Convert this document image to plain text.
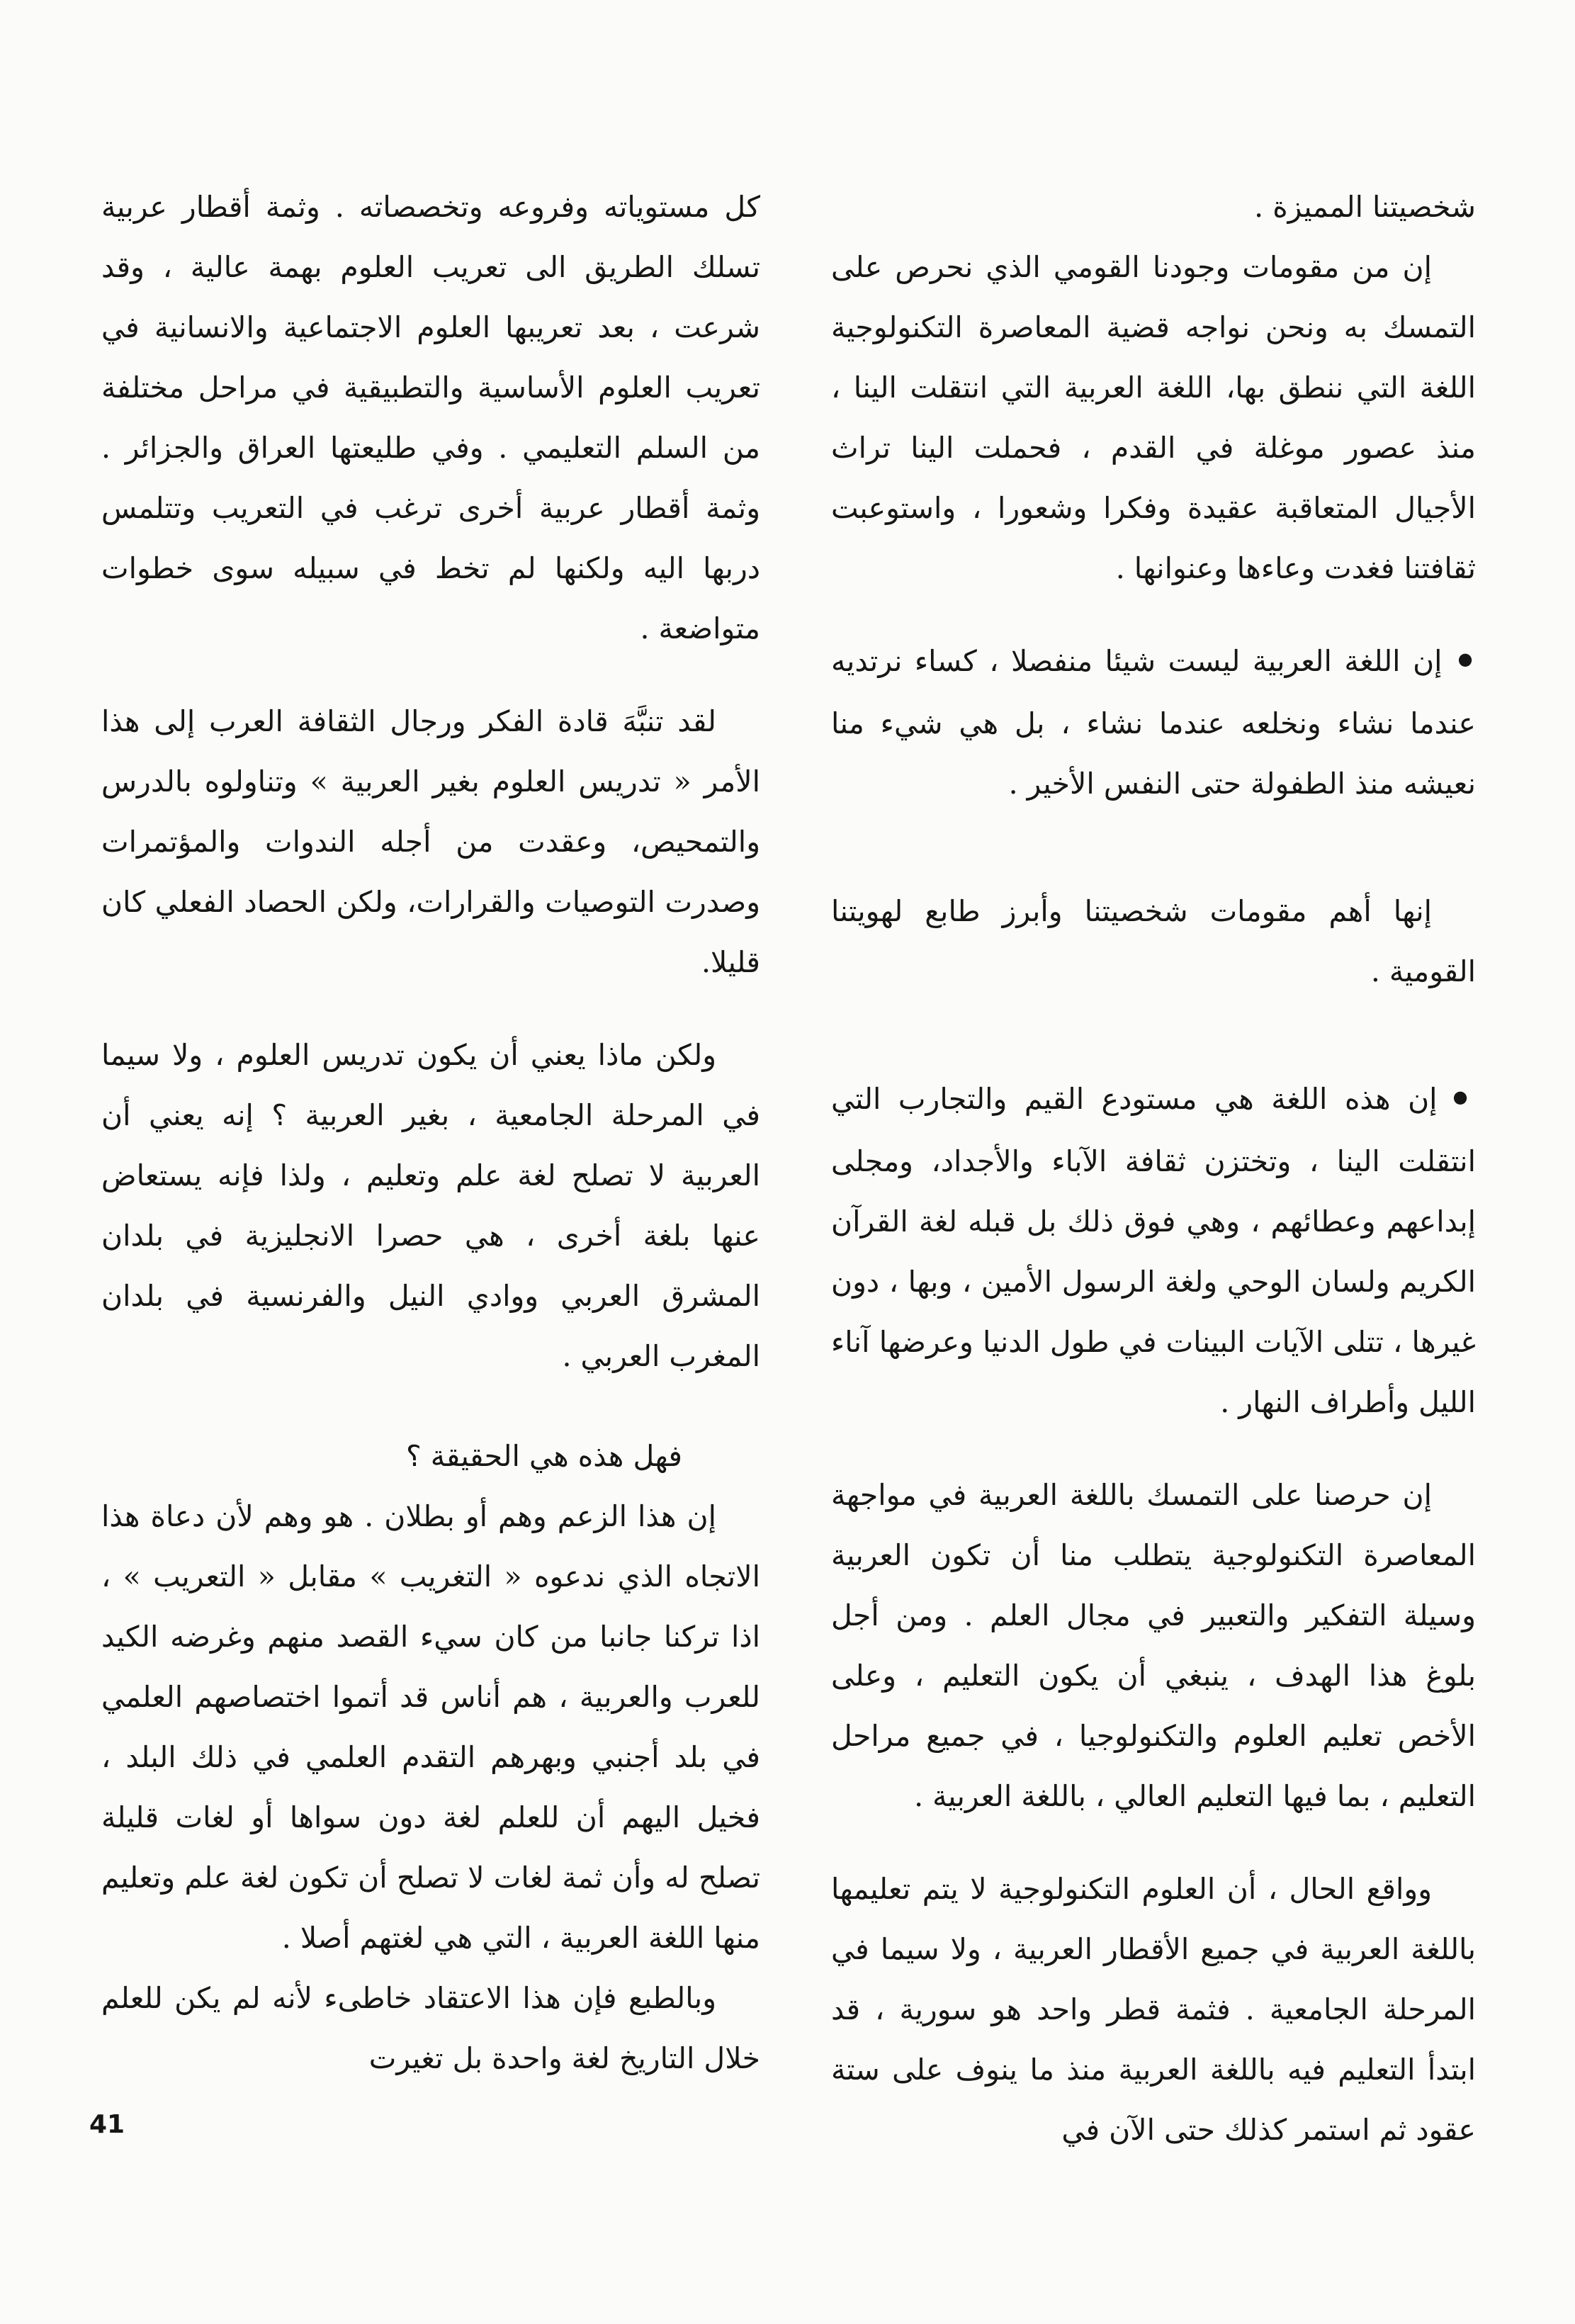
شخصيتنا المميزة .

إن من مقومات وجودنا القومي الذي نحرص على التمسك به ونحن نواجه قضية المعاصرة التكنولوجية اللغة التي ننطق بها، اللغة العربية التي انتقلت الينا ، منذ عصور موغلة في القدم ، فحملت الينا تراث الأجيال المتعاقبة عقيدة وفكرا وشعورا ، واستوعبت ثقافتنا فغدت وعاءها وعنوانها .

● إن اللغة العربية ليست شيئا منفصلا ، كساء نرتديه عندما نشاء ونخلعه عندما نشاء ، بل هي شيء منا نعيشه منذ الطفولة حتى النفس الأخير .

إنها أهم مقومات شخصيتنا وأبرز طابع لهويتنا القومية .

● إن هذه اللغة هي مستودع القيم والتجارب التي انتقلت الينا ، وتختزن ثقافة الآباء والأجداد، ومجلى إبداعهم وعطائهم ، وهي فوق ذلك بل قبله لغة القرآن الكريم ولسان الوحي ولغة الرسول الأمين ، وبها ، دون غيرها ، تتلى الآيات البينات في طول الدنيا وعرضها آناء الليل وأطراف النهار .

إن حرصنا على التمسك باللغة العربية في مواجهة المعاصرة التكنولوجية يتطلب منا أن تكون العربية وسيلة التفكير والتعبير في مجال العلم . ومن أجل بلوغ هذا الهدف ، ينبغي أن يكون التعليم ، وعلى الأخص تعليم العلوم والتكنولوجيا ، في جميع مراحل التعليم ، بما فيها التعليم العالي ، باللغة العربية .

وواقع الحال ، أن العلوم التكنولوجية لا يتم تعليمها باللغة العربية في جميع الأقطار العربية ، ولا سيما في المرحلة الجامعية . فثمة قطر واحد هو سورية ، قد ابتدأ التعليم فيه باللغة العربية منذ ما ينوف على ستة عقود ثم استمر كذلك حتى الآن في

كل مستوياته وفروعه وتخصصاته . وثمة أقطار عربية تسلك الطريق الى تعريب العلوم بهمة عالية ، وقد شرعت ، بعد تعريبها العلوم الاجتماعية والانسانية في تعريب العلوم الأساسية والتطبيقية في مراحل مختلفة من السلم التعليمي . وفي طليعتها العراق والجزائر . وثمة أقطار عربية أخرى ترغب في التعريب وتتلمس دربها اليه ولكنها لم تخط في سبيله سوى خطوات متواضعة .

لقد تنبَّهَ قادة الفكر ورجال الثقافة العرب إلى هذا الأمر « تدريس العلوم بغير العربية » وتناولوه بالدرس والتمحيص، وعقدت من أجله الندوات والمؤتمرات وصدرت التوصيات والقرارات، ولكن الحصاد الفعلي كان قليلا.

ولكن ماذا يعني أن يكون تدريس العلوم ، ولا سيما في المرحلة الجامعية ، بغير العربية ؟ إنه يعني أن العربية لا تصلح لغة علم وتعليم ، ولذا فإنه يستعاض عنها بلغة أخرى ، هي حصرا الانجليزية في بلدان المشرق العربي ووادي النيل والفرنسية في بلدان المغرب العربي .

فهل هذه هي الحقيقة ؟

إن هذا الزعم وهم أو بطلان . هو وهم لأن دعاة هذا الاتجاه الذي ندعوه « التغريب » مقابل « التعريب » ، اذا تركنا جانبا من كان سيء القصد منهم وغرضه الكيد للعرب والعربية ، هم أناس قد أتموا اختصاصهم العلمي في بلد أجنبي وبهرهم التقدم العلمي في ذلك البلد ، فخيل اليهم أن للعلم لغة دون سواها أو لغات قليلة تصلح له وأن ثمة لغات لا تصلح أن تكون لغة علم وتعليم منها اللغة العربية ، التي هي لغتهم أصلا .

وبالطبع فإن هذا الاعتقاد خاطىء لأنه لم يكن للعلم خلال التاريخ لغة واحدة بل تغيرت

41
